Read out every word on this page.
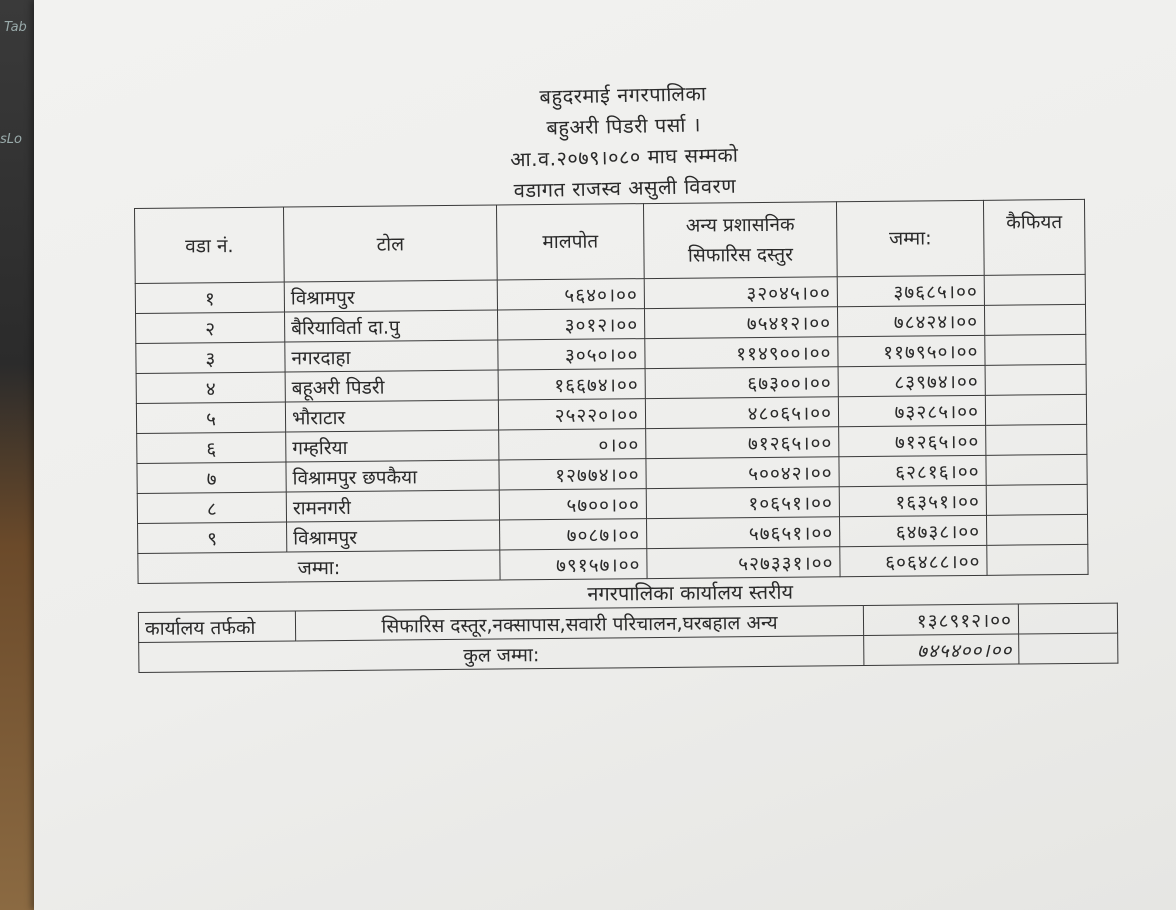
Tab
sLo
बहुदरमाई नगरपालिका
बहुअरी पिडरी पर्सा ।
आ.व.२०७९।०८० माघ सम्मको
वडागत राजस्व असुली विवरण
वडा नं.	टोल	मालपोत	अन्य प्रशासनिक
सिफारिस दस्तुर	जम्मा:	कैफियत
१	विश्रामपुर	५६४०।००	३२०४५।००	३७६८५।००	
२	बैरियाविर्ता दा.पु	३०१२।००	७५४१२।००	७८४२४।००	
३	नगरदाहा	३०५०।००	११४९००।००	११७९५०।००	
४	बहूअरी पिडरी	१६६७४।००	६७३००।००	८३९७४।००	
५	भौराटार	२५२२०।००	४८०६५।००	७३२८५।००	
६	गम्हरिया	०।००	७१२६५।००	७१२६५।००	
७	विश्रामपुर छपकैया	१२७७४।००	५००४२।००	६२८१६।००	
८	रामनगरी	५७००।००	१०६५१।००	१६३५१।००	
९	विश्रामपुर	७०८७।००	५७६५१।००	६४७३८।००	
जम्मा:		७९१५७।००	५२७३३१।००	६०६४८८।००	
नगरपालिका कार्यालय स्तरीय
कार्यालय तर्फको	सिफारिस दस्तूर,नक्सापास,सवारी परिचालन,घरबहाल अन्य	१३८९१२।००	
कुल जम्मा:		७४५४००।००	
